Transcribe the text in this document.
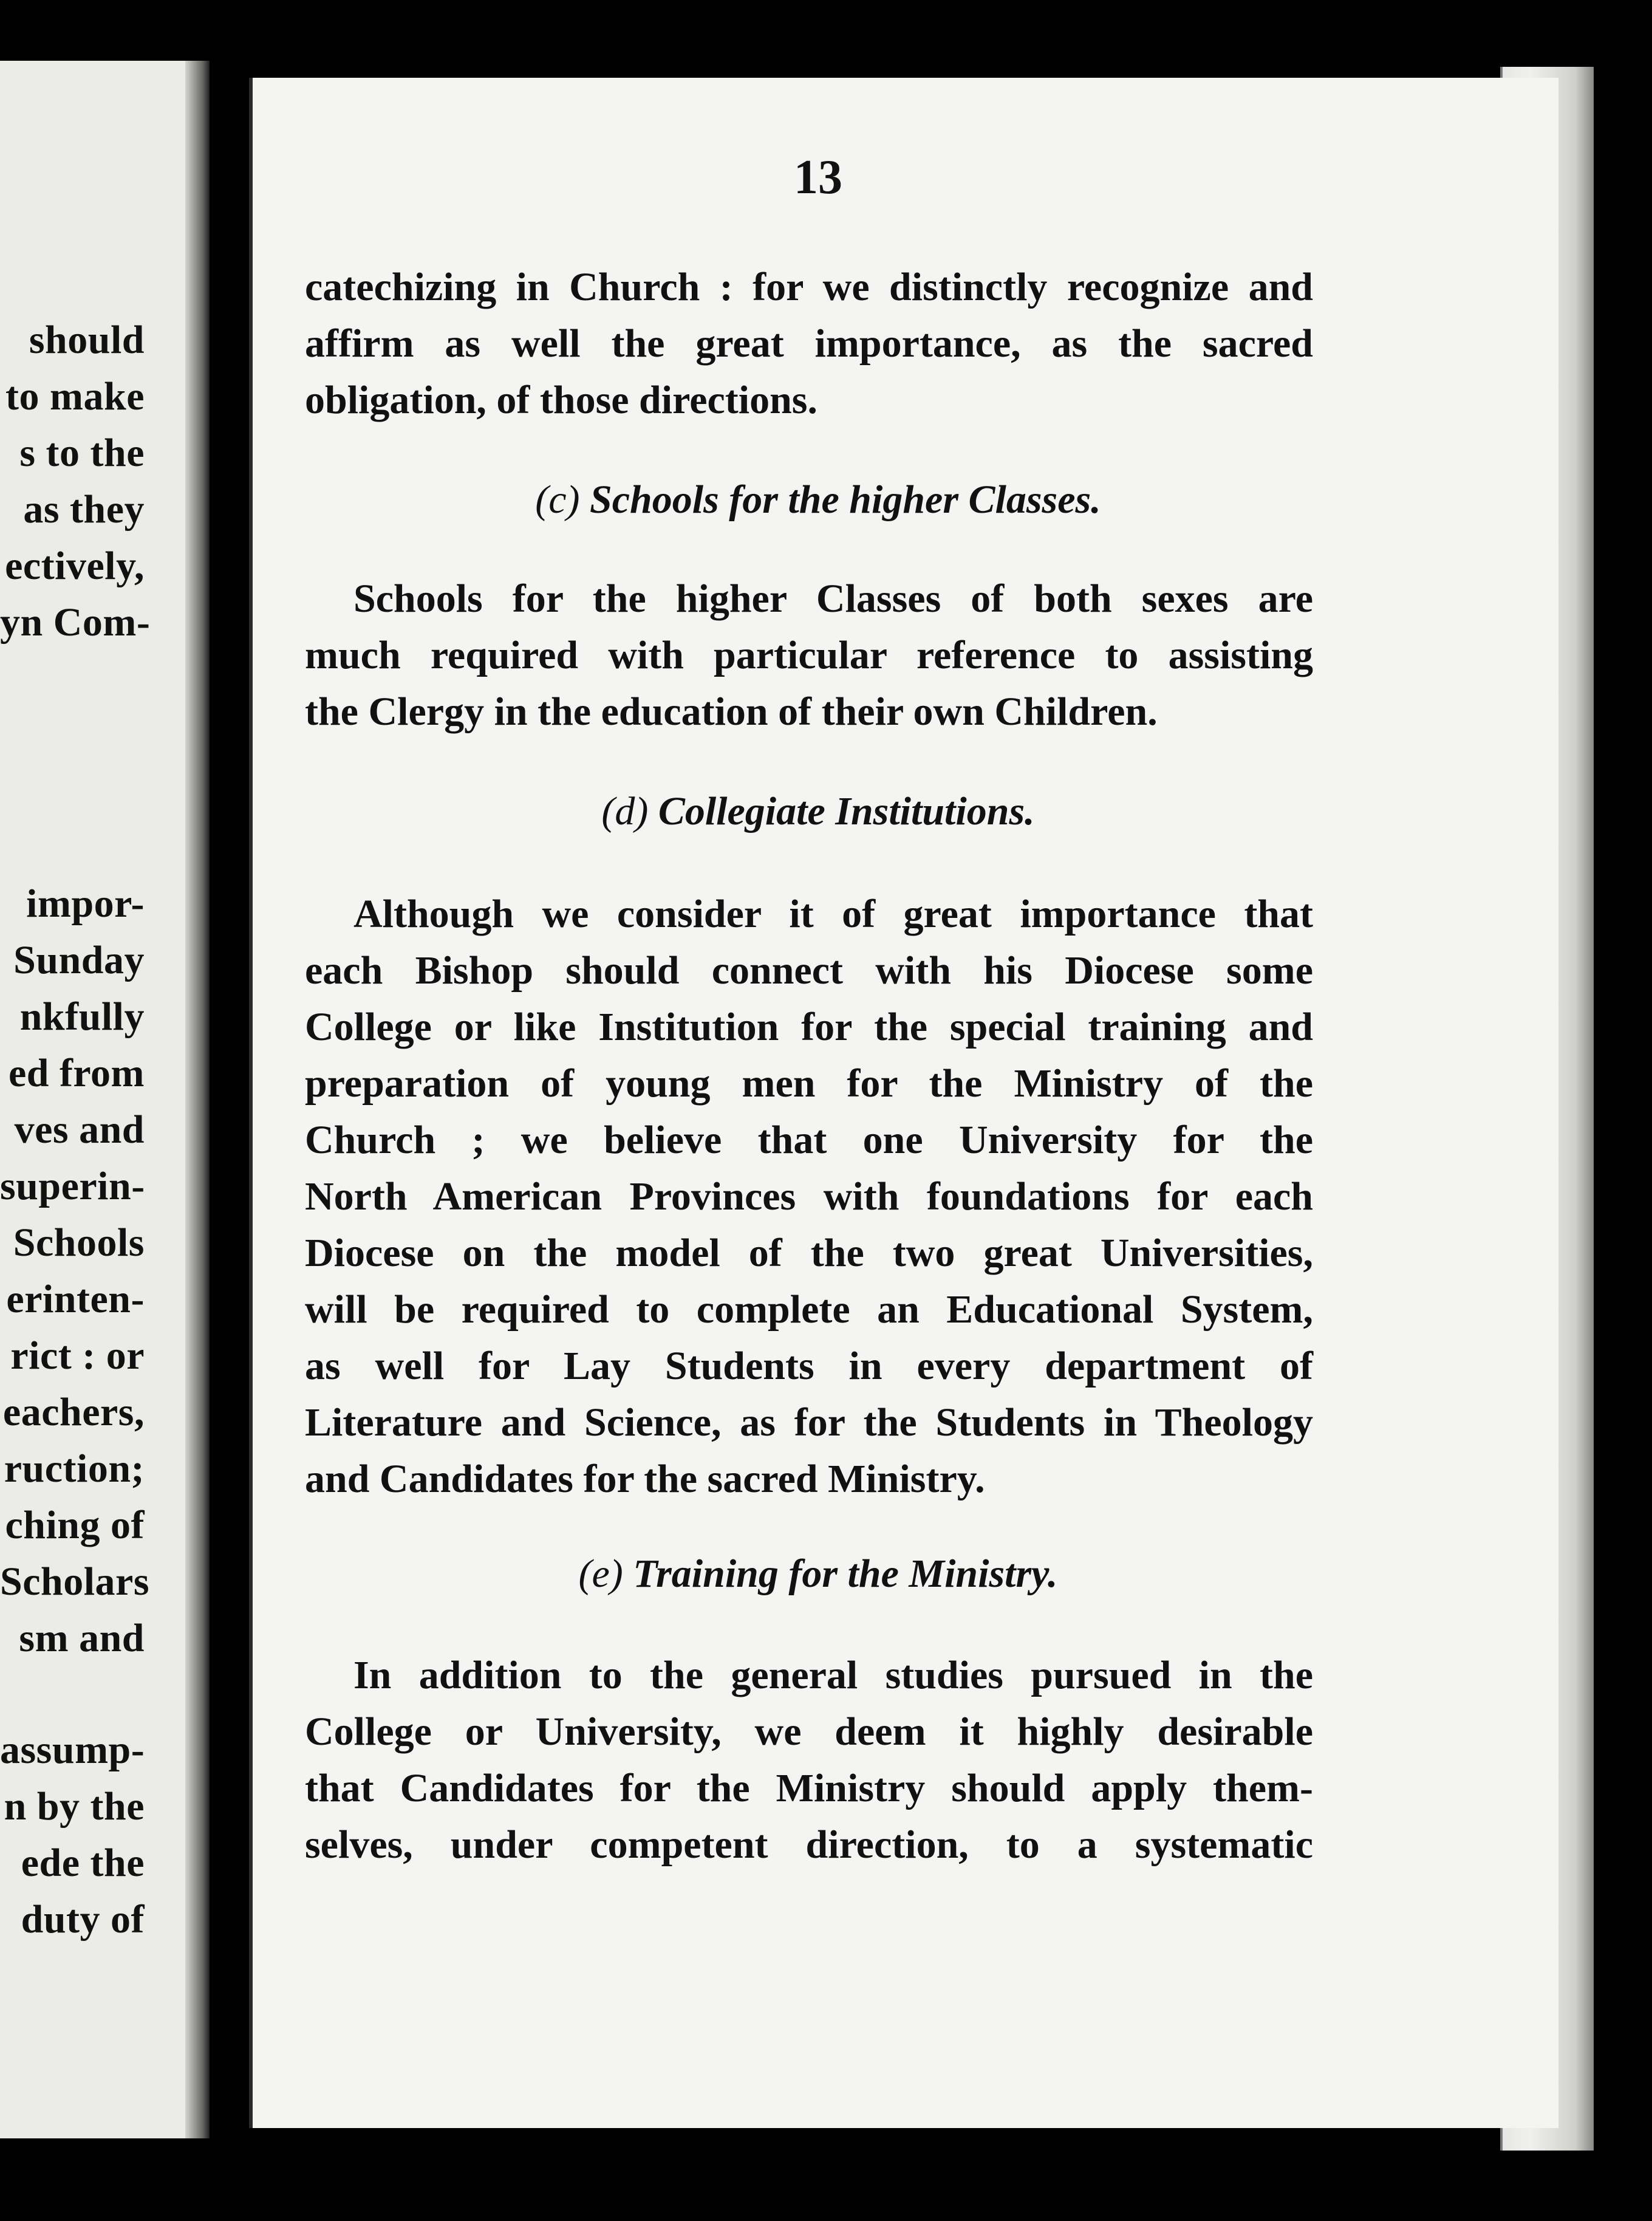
should
to make
s to the
as they
ectively,
yn Com-
impor-
Sunday
nkfully
ed from
ves and
superin-
Schools
erinten-
rict : or
eachers,
ruction;
ching of
Scholars
sm and
assump-
n by the
ede the
duty of
13
catechizing in Church : for we distinctly recognize and
affirm as well the great importance, as the sacred
obligation, of those directions.
(c) Schools for the higher Classes.
Schools for the higher Classes of both sexes are
much required with particular reference to assisting
the Clergy in the education of their own Children.
(d) Collegiate Institutions.
Although we consider it of great importance that
each Bishop should connect with his Diocese some
College or like Institution for the special training and
preparation of young men for the Ministry of the
Church ; we believe that one University for the
North American Provinces with foundations for each
Diocese on the model of the two great Universities,
will be required to complete an Educational System,
as well for Lay Students in every department of
Literature and Science, as for the Students in Theology
and Candidates for the sacred Ministry.
(e) Training for the Ministry.
In addition to the general studies pursued in the
College or University, we deem it highly desirable
that Candidates for the Ministry should apply them-
selves, under competent direction, to a systematic
